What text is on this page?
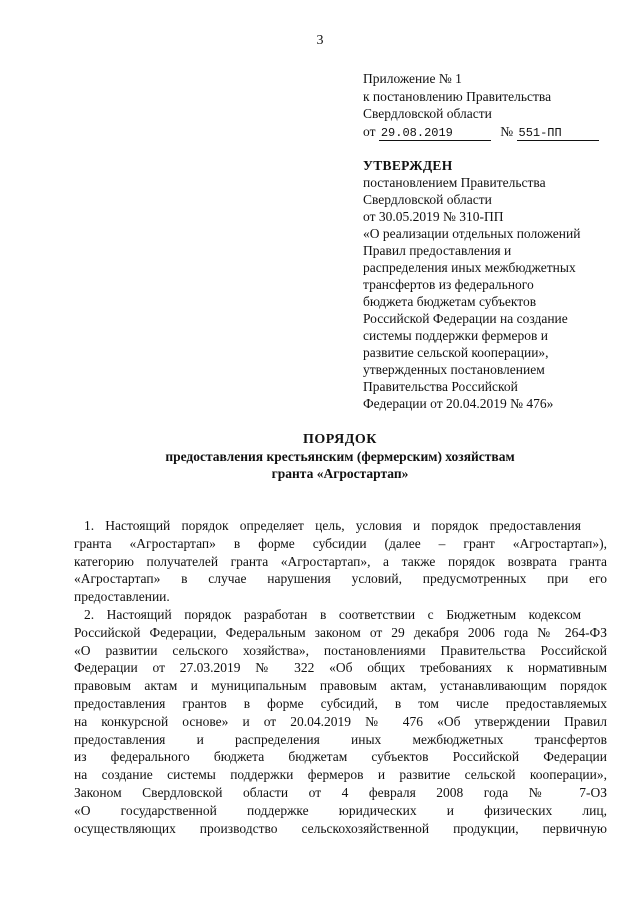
3
Приложение № 1
к постановлению Правительства
Свердловской области
от 29.08.2019	№ 551-ПП
УТВЕРЖДЕН
постановлением Правительства
Свердловской области
от 30.05.2019 № 310-ПП
«О реализации отдельных положений
Правил предоставления и
распределения иных межбюджетных
трансфертов из федерального
бюджета бюджетам субъектов
Российской Федерации на создание
системы поддержки фермеров и
развитие сельской кооперации»,
утвержденных постановлением
Правительства Российской
Федерации от 20.04.2019 № 476»
ПОРЯДОК
предоставления крестьянским (фермерским) хозяйствам
гранта «Агростартап»
1. Настоящий порядок определяет цель, условия и порядок предоставления
гранта «Агростартап» в форме субсидии (далее – грант «Агростартап»),
категорию получателей гранта «Агростартап», а также порядок возврата гранта
«Агростартап» в случае нарушения условий, предусмотренных при его
предоставлении.
2. Настоящий порядок разработан в соответствии с Бюджетным кодексом
Российской Федерации, Федеральным законом от 29 декабря 2006 года № 264-ФЗ
«О развитии сельского хозяйства», постановлениями Правительства Российской
Федерации от 27.03.2019 № 322 «Об общих требованиях к нормативным
правовым актам и муниципальным правовым актам, устанавливающим порядок
предоставления грантов в форме субсидий, в том числе предоставляемых
на конкурсной основе» и от 20.04.2019 № 476 «Об утверждении Правил
предоставления и распределения иных межбюджетных трансфертов
из федерального бюджета бюджетам субъектов Российской Федерации
на создание системы поддержки фермеров и развитие сельской кооперации»,
Законом Свердловской области от 4 февраля 2008 года № 7-ОЗ
«О государственной поддержке юридических и физических лиц,
осуществляющих производство сельскохозяйственной продукции, первичную
